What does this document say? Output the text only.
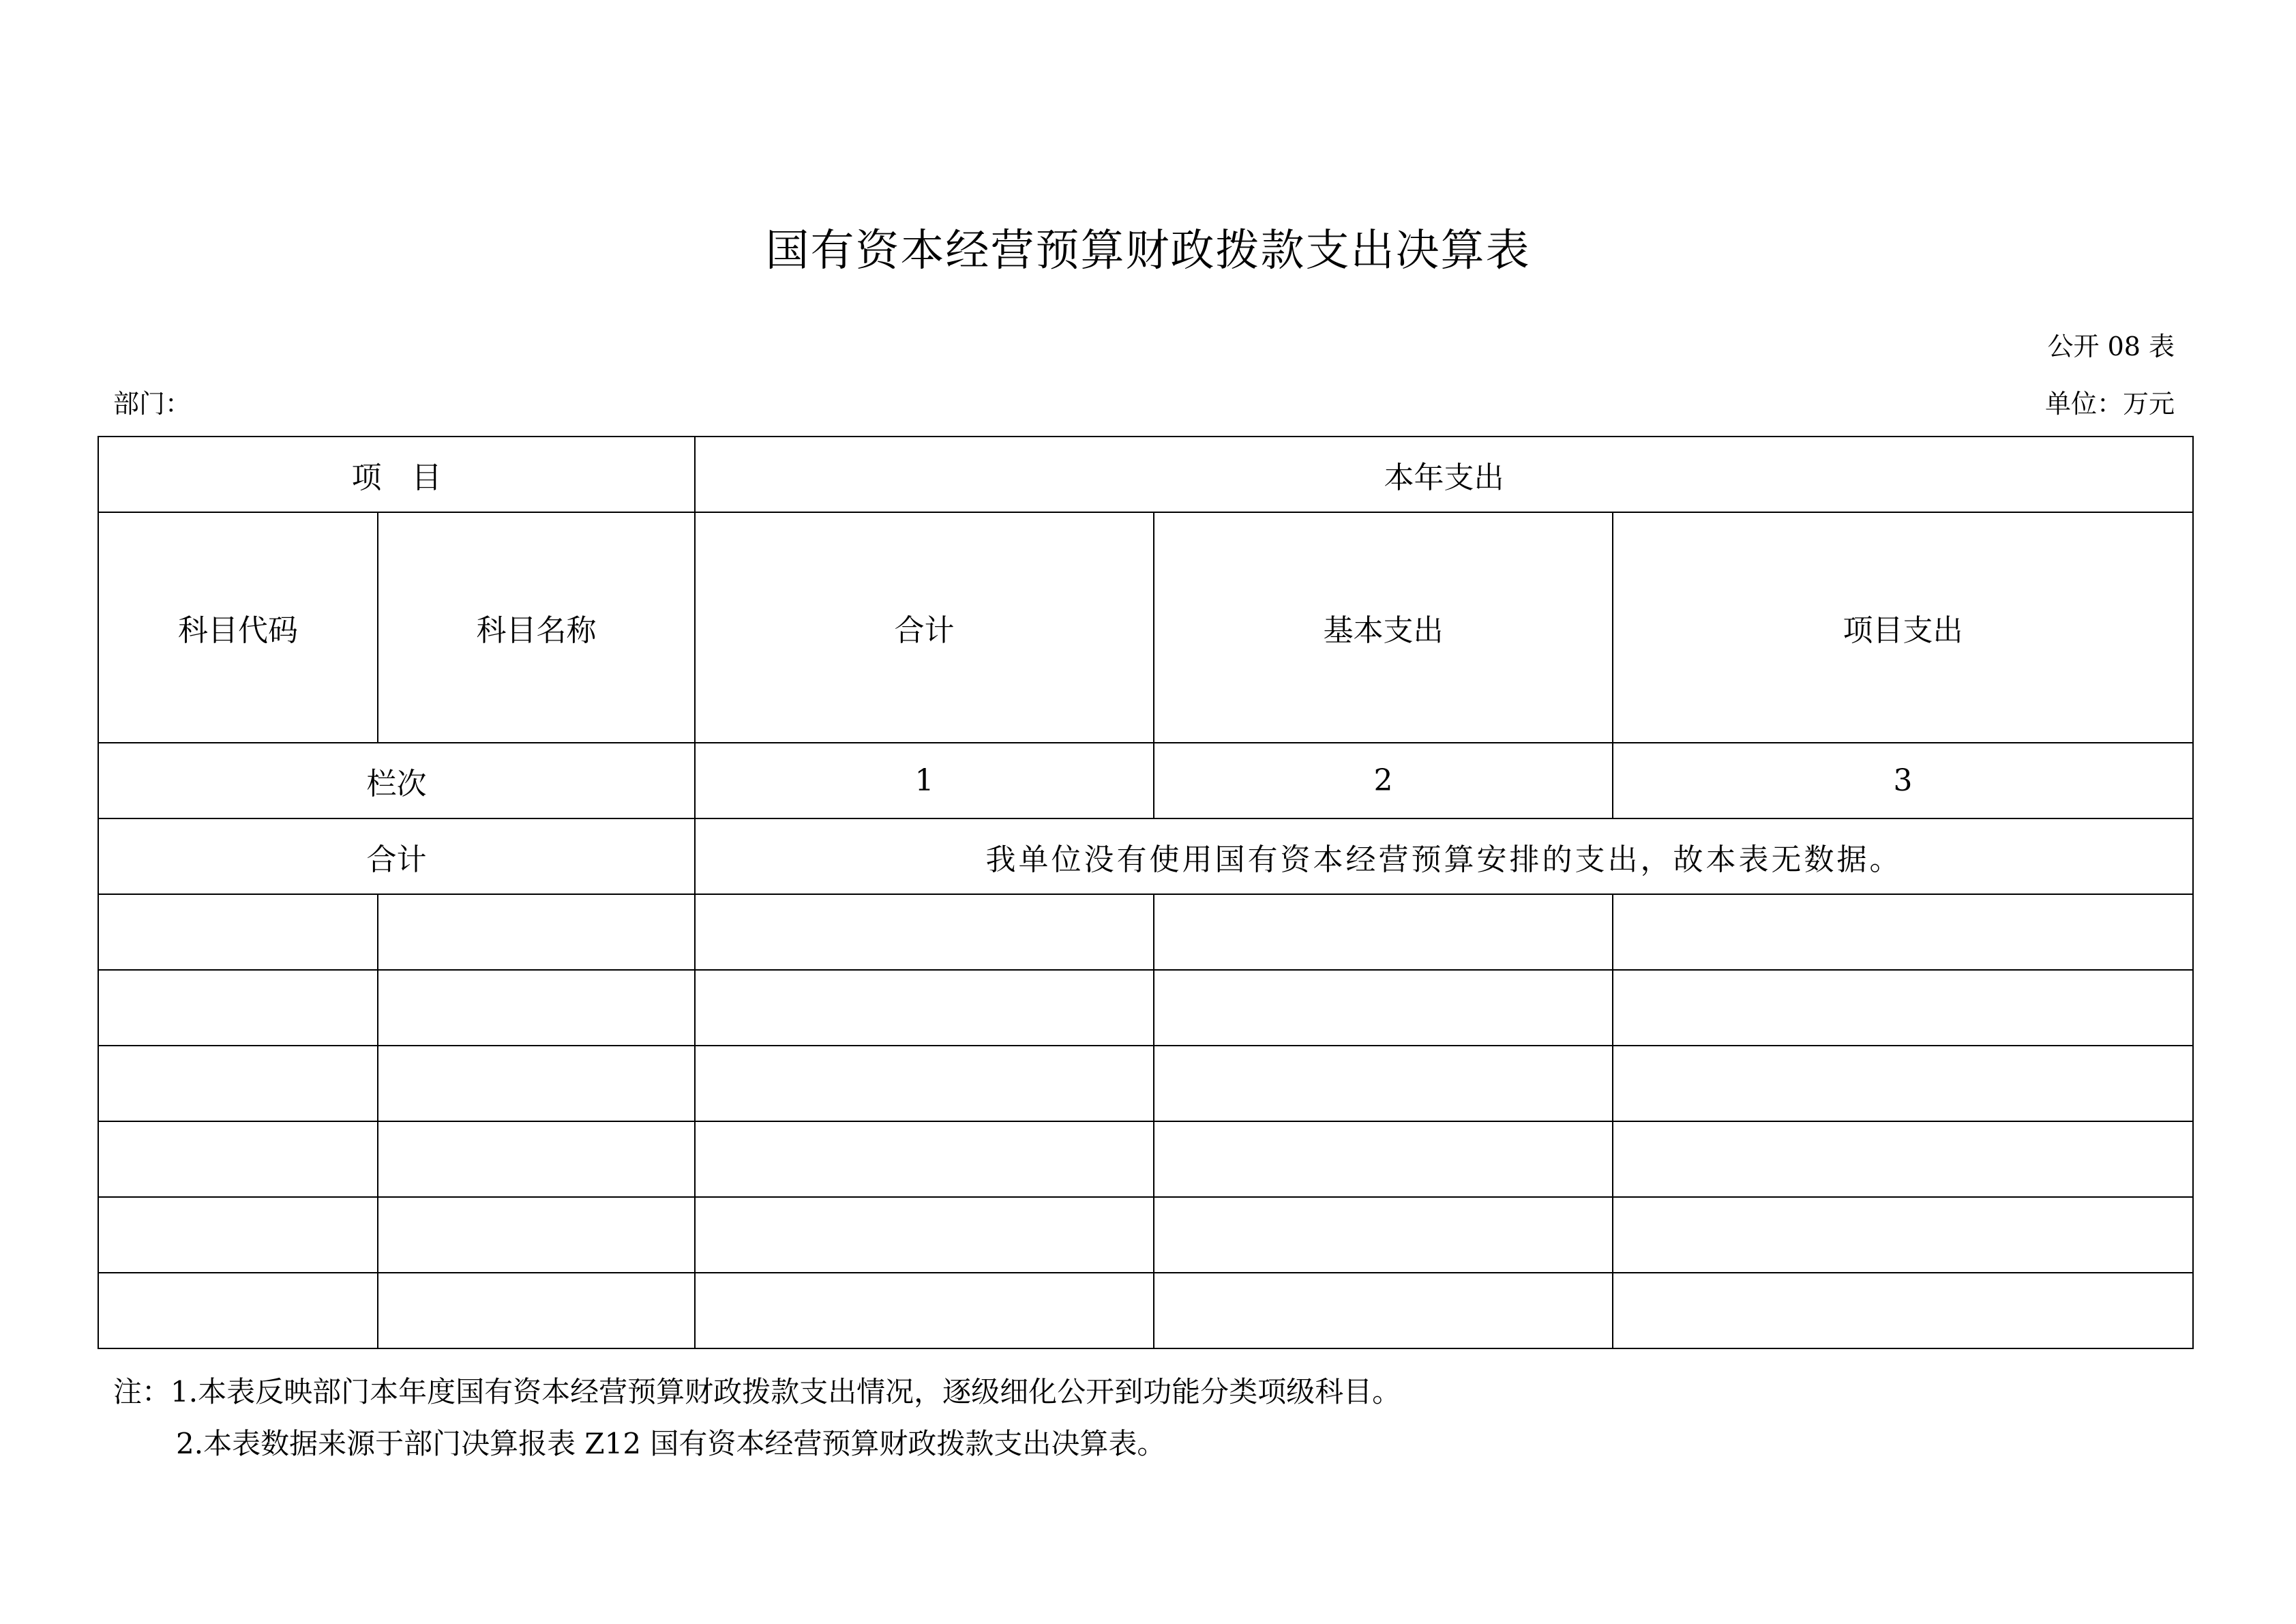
国有资本经营预算财政拨款支出决算表
公开 08 表
部门：	单位：万元
项　目		本年支出		
科目代码	科目名称	合计	基本支出	项目支出
栏次		1	2	3
合计		我单位没有使用国有资本经营预算安排的支出，故本表无数据。		

注：1.本表反映部门本年度国有资本经营预算财政拨款支出情况，逐级细化公开到功能分类项级科目。
2.本表数据来源于部门决算报表 Z12 国有资本经营预算财政拨款支出决算表。
